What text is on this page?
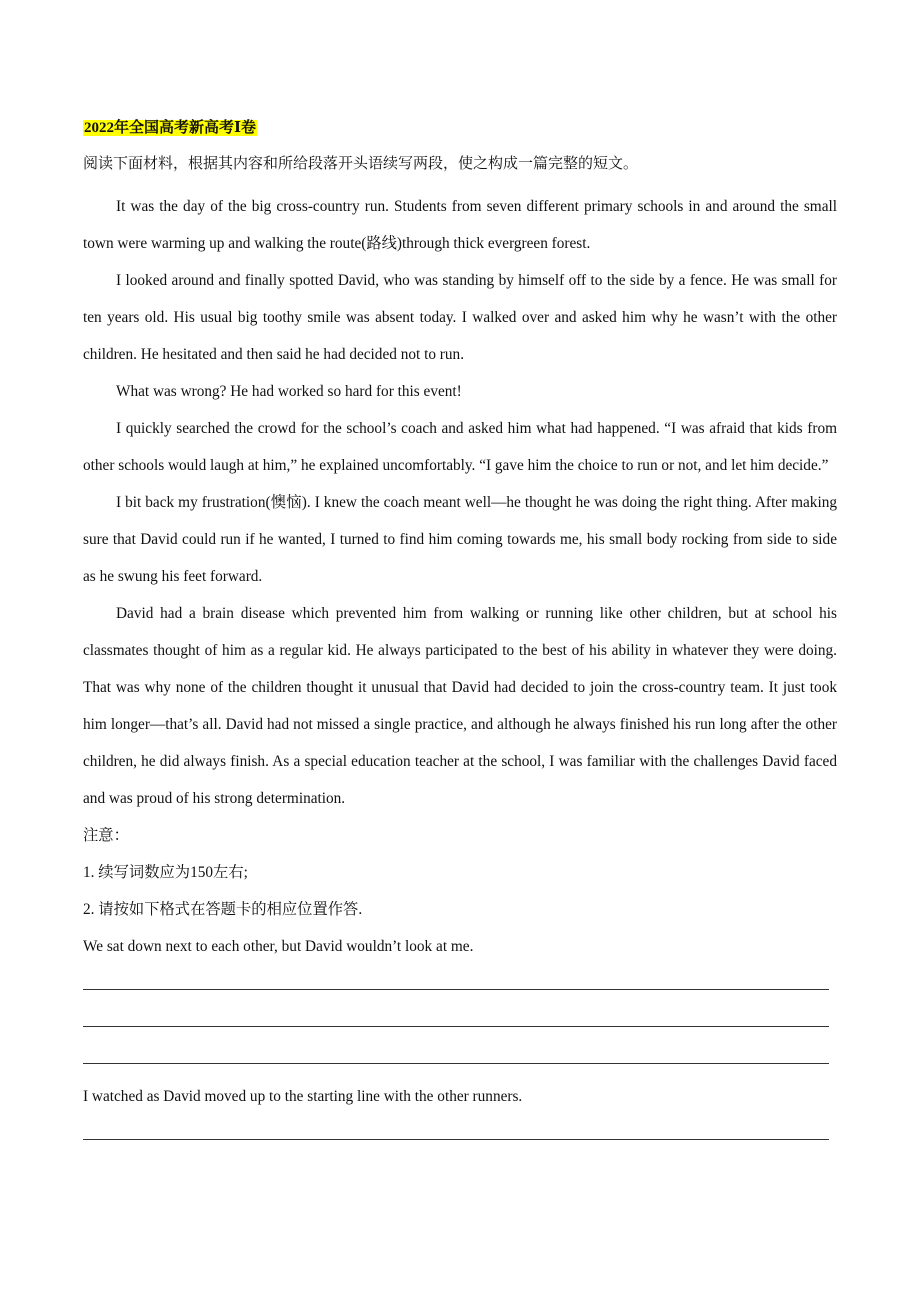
2022年全国高考新高考Ⅰ卷
阅读下面材料，根据其内容和所给段落开头语续写两段，使之构成一篇完整的短文。

It was the day of the big cross-country run. Students from seven different primary schools in and around the small town were warming up and walking the route(路线)through thick evergreen forest.

I looked around and finally spotted David, who was standing by himself off to the side by a fence. He was small for ten years old. His usual big toothy smile was absent today. I walked over and asked him why he wasn’t with the other children. He hesitated and then said he had decided not to run.

What was wrong? He had worked so hard for this event!

I quickly searched the crowd for the school’s coach and asked him what had happened. “I was afraid that kids from other schools would laugh at him,” he explained uncomfortably. “I gave him the choice to run or not, and let him decide.”

I bit back my frustration(懊恼). I knew the coach meant well—he thought he was doing the right thing. After making sure that David could run if he wanted, I turned to find him coming towards me, his small body rocking from side to side as he swung his feet forward.

David had a brain disease which prevented him from walking or running like other children, but at school his classmates thought of him as a regular kid. He always participated to the best of his ability in whatever they were doing. That was why none of the children thought it unusual that David had decided to join the cross-country team. It just took him longer—that’s all. David had not missed a single practice, and although he always finished his run long after the other children, he did always finish. As a special education teacher at the school, I was familiar with the challenges David faced and was proud of his strong determination.

注意：

1. 续写词数应为150左右;

2. 请按如下格式在答题卡的相应位置作答.

We sat down next to each other, but David wouldn’t look at me.

I watched as David moved up to the starting line with the other runners.
